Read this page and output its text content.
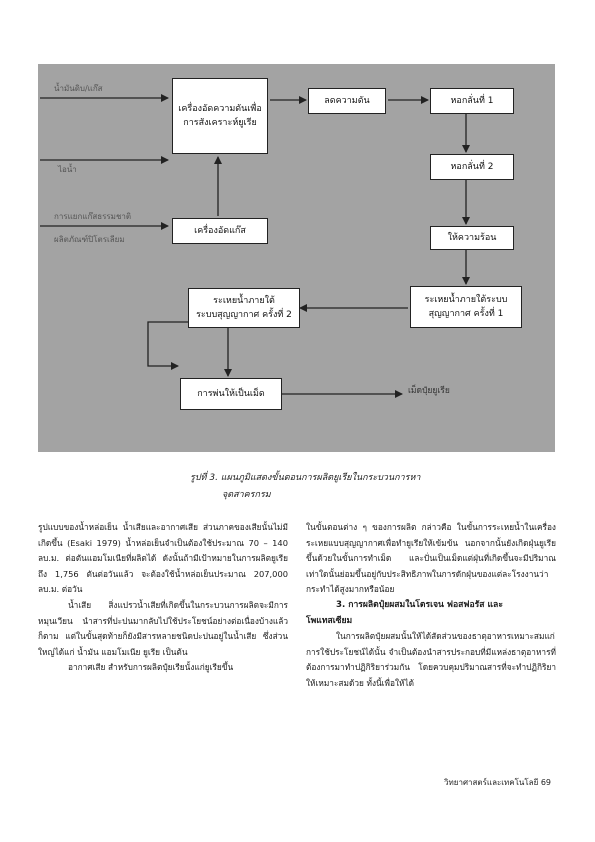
น้ำมันดิบ/แก๊ส
ไอน้ำ
การแยกแก๊สธรรมชาติ
ผลิตภัณฑ์ปิโตรเลียม
เครื่องอัดความดันเพื่อ
การสังเคราะห์ยูเรีย
ลดความดัน	หอกลั่นที่ 1
หอกลั่นที่ 2
เครื่องอัดแก๊ส
ให้ความร้อน
ระเหยน้ำภายใต้
ระบบสุญญากาศ ครั้งที่ 2
ระเหยน้ำภายใต้ระบบ
สุญญากาศ ครั้งที่ 1
การพ่นให้เป็นเม็ด	เม็ดปุ๋ยยูเรีย
รูปที่ 3. แผนภูมิแสดงขั้นตอนการผลิตยูเรียในกระบวนการหา
จุดสาครกรม

รูปแบบของน้ำหล่อเย็น น้ำเสียและอากาศเสีย ส่วนภาคของเสียนั้นไม่มีเกิดขึ้น (Esaki 1979) น้ำหล่อเย็นจำเป็นต้องใช้ประมาณ 70 – 140 ลบ.ม. ต่อตันแอมโมเนียที่ผลิตได้ ดังนั้นถ้ามีเป้าหมายในการผลิตยูเรียถึง 1,756 ตันต่อวันแล้ว จะต้องใช้น้ำหล่อเย็นประมาณ 207,000 ลบ.ม. ต่อวัน

น้ำเสีย สิ่งแปรวน้ำเสียที่เกิดขึ้นในกระบวนการผลิตจะมีการหมุนเวียน นำสารที่ปะปนมากลับไปใช้ประโยชน์อย่างต่อเนื่องบ้างแล้วก็ตาม แต่ในขั้นสุดท้ายก็ยังมีสารหลายชนิดปะปนอยู่ในน้ำเสีย ซึ่งส่วนใหญ่ได้แก่ น้ำมัน แอมโมเนีย ยูเรีย เป็นต้น

อากาศเสีย สำหรับการผลิตปุ๋ยเรียนั้งแก่ยูเรียขึ้น

ในขั้นตอนต่าง ๆ ของการผลิต กล่าวคือ ในขั้นการระเหยน้ำในเครื่องระเหยแบบสุญญากาศเพื่อทำยูเรียให้เข้มข้น นอกจากนั้นยังเกิดฝุ่นยูเรียขึ้นด้วยในขั้นการทำเม็ด และปั่นเป็นเม็ดแต่ฝุ่นที่เกิดขึ้นจะมีปริมาณเท่าใดนั้นย่อมขึ้นอยู่กับประสิทธิภาพในการดักฝุ่นของแต่ละโรงงานว่ากระทำได้สูงมากหรือน้อย

3. การผลิตปุ๋ยผสมในโตรเจน ฟอสฟอรัส และ
โพแทสเซียม

ในการผลิตปุ๋ยผสมนั้นให้ได้สัดส่วนของธาตุอาหารเหมาะสมแก่การใช้ประโยชน์ได้นั้น จำเป็นต้องนำสารประกอบที่มีแหล่งธาตุอาหารที่ต้องการมาทำปฏิกิริยาร่วมกัน โดยควบคุมปริมาณสารที่จะทำปฏิกิริยาให้เหมาะสมด้วย ทั้งนี้เพื่อให้ได้

วิทยาศาสตร์และเทคโนโลยี 69
